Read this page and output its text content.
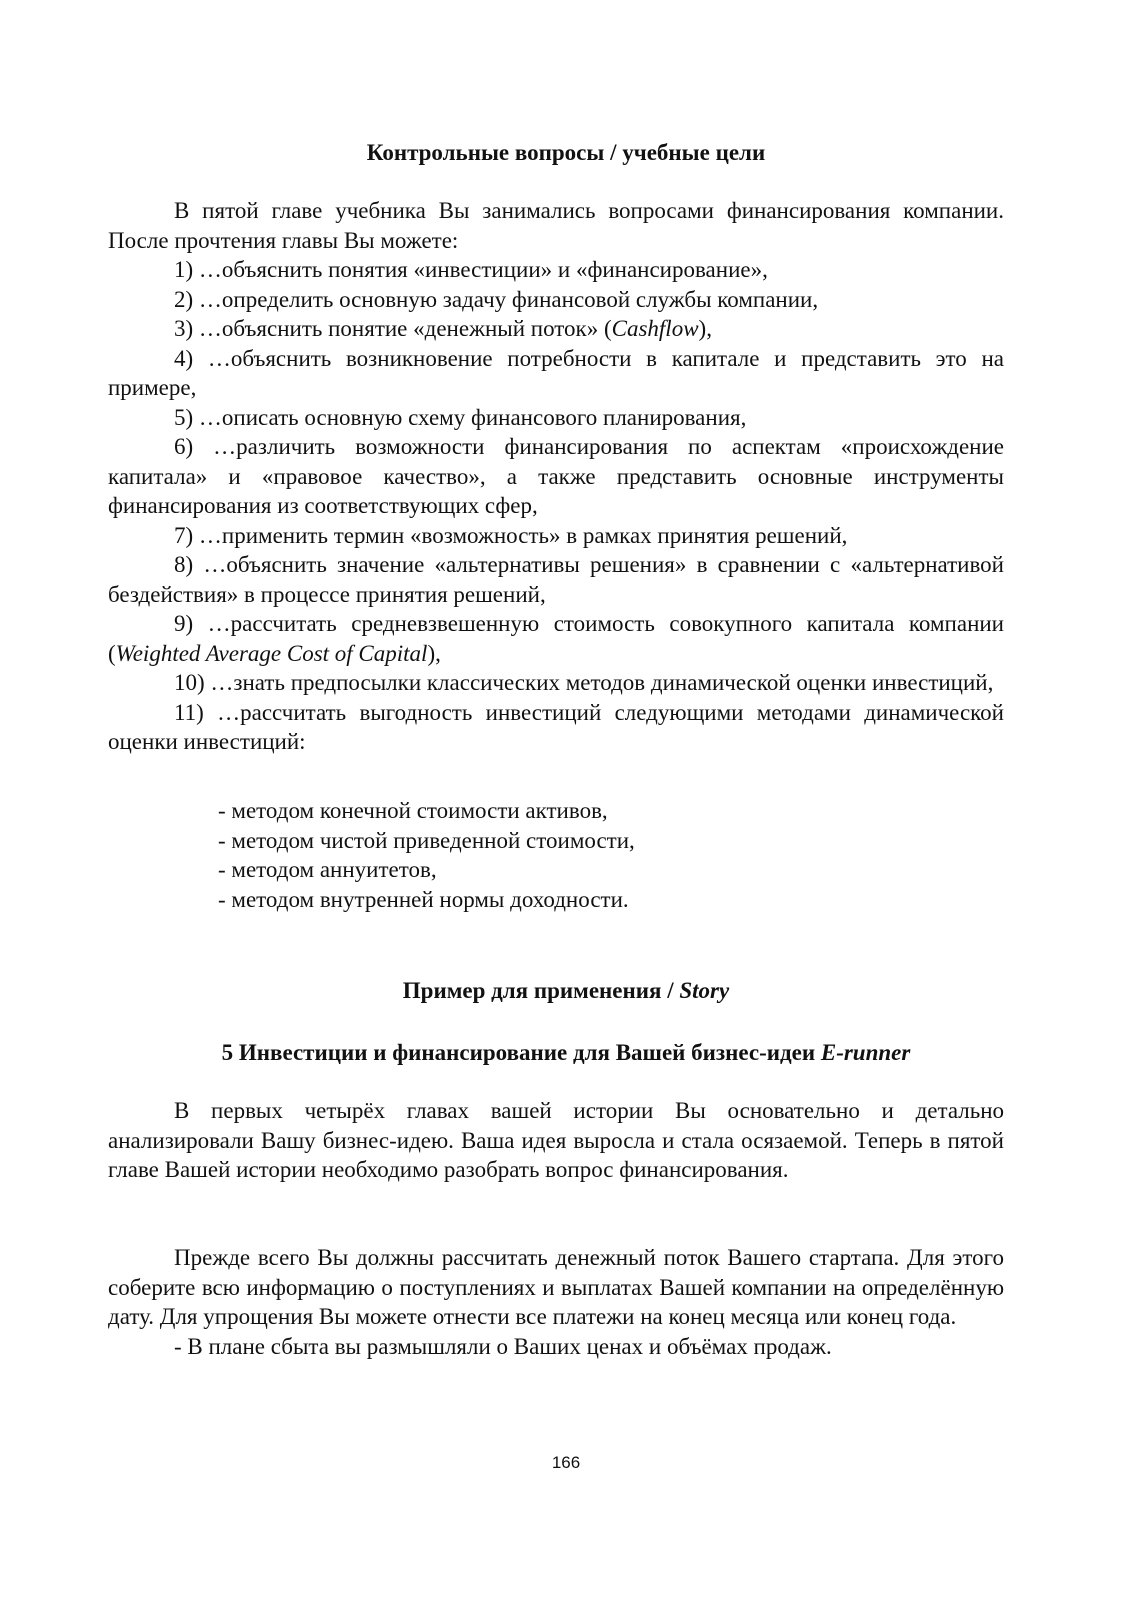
Контрольные вопросы / учебные цели

В пятой главе учебника Вы занимались вопросами финансирования компании. После прочтения главы Вы можете:

1) …объяснить понятия «инвестиции» и «финансирование»,

2) …определить основную задачу финансовой службы компании,

3) …объяснить понятие «денежный поток» (Cashflow),

4) …объяснить возникновение потребности в капитале и представить это на примере,

5) …описать основную схему финансового планирования,

6) …различить возможности финансирования по аспектам «происхождение капитала» и «правовое качество», а также представить основные инструменты финансирования из соответствующих сфер,

7) …применить термин «возможность» в рамках принятия решений,

8) …объяснить значение «альтернативы решения» в сравнении с «альтернативой бездействия» в процессе принятия решений,

9) …рассчитать средневзвешенную стоимость совокупного капитала компании (Weighted Average Cost of Capital),

10) …знать предпосылки классических методов динамической оценки инвестиций,

11) …рассчитать выгодность инвестиций следующими методами динамической оценки инвестиций:

- методом конечной стоимости активов,

- методом чистой приведенной стоимости,

- методом аннуитетов,

- методом внутренней нормы доходности.

Пример для применения / Story
5 Инвестиции и финансирование для Вашей бизнес-идеи E-runner

В первых четырёх главах вашей истории Вы основательно и детально анализировали Вашу бизнес-идею. Ваша идея выросла и стала осязаемой. Теперь в пятой главе Вашей истории необходимо разобрать вопрос финансирования.

Прежде всего Вы должны рассчитать денежный поток Вашего стартапа. Для этого соберите всю информацию о поступлениях и выплатах Вашей компании на определённую дату. Для упрощения Вы можете отнести все платежи на конец месяца или конец года.

- В плане сбыта вы размышляли о Ваших ценах и объёмах продаж.

166
